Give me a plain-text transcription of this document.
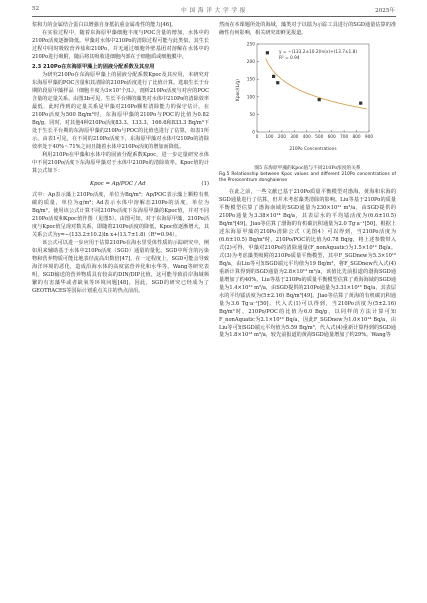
52	中 国 海 洋 大 学 学 报	2025年

浆和力的金属结合蛋白以增强自身抵抗重金属毒性的能力[46]。

在实验过程中，随着东海原甲藻细胞丰度与POC含量的增加，水体中的210Po活度逐渐降低。甲藻对水体中210Po的清除过程可能与此类似，其生长过程中同时吸收营养盐和210Po，并无通过细胞外壁基团对溶解在水体中的210Po进行吸附，随后将其吸收进细胞内部在于细胞质或细胞膜中。

2.3 210Po在东海原甲藻上的固液分配系数及其应用

为研究210Po在东海原甲藻上的固液分配系数Kpoc及其应用，本研究对东海原甲藻的POC含量和其清除的210Po活度进行了比值计算。选取生长于台期阶段原甲藻样品（细胞丰度为3×10⁷个/L），剖析210Po活度与对应的POC含量的定量关系。由图3b可见，生长平台期的藻类对水体中210Po的清除效率最低，此时得到的定量关系是甲藻对210Po颗粒清除能力的保守估计。在210Po活度为500 Bq/m³时，东海原甲藻的210Po与POC的比值为0.82 Bq/g，同时，对其他4种210Po活度83.3、133.3、166.6和833.3 Bq/m³下处于生长平台期的东海原甲藻的210Po与POC的比值也进行了估算，如表1所示。由表1可见，在不同的210Po活度下，东海原甲藻对水体中210Po的清除效率处于40%～71%之间且随着水体中210Po活度的增加而降低。

利用210Po在甲藻和水体中的固液分配系数Kpoc，进一步定量研究水体中不同210Po活度下东海原甲藻对于水体中210Po的清除效率。Kpoc值的计算公式如下：

Kpoc = Ap/POC / Ad	(1)

式中：Ap表示藻上210Po活度，单位为Bq/m³；Ap/POC表示藻上颗粒有机碳的质量，单位为g/m³；Ad表示水体中溶解态210Po的活度，单位为Bq/m³。使用该公式计算不同210Po活度下东海原甲藻的Kpoc值，并对不同210Po活度和Kpoc值作图（见图5）。由图可知，对于东海原甲藻，210Po活度与Kpoc值呈现对数关系，即随着210Po活度的降低，Kpoc值逐渐增大，其关系公式为y=−(133.2±10.2)ln x+(13.7±1.8)（R²=0.94）。

该公式可以进一步应用于估算210Po在海水里受体性质的示踪研究中，例如用来辅助基于水体中210Po活度（SGD）通量的量化。SGD中所含的污染物和营养物质可能比地表径流高出数倍[47]，在一定程度上，SGD可能会导致海洋环境的恶化，造成沿海水体的高度富营养化和水华等。Wang等研究表明，SGD输送的营养物质具有较高的DIN/DIP比值，这可能导致沿岸海域频繁的有害藻华或者缺氧等环境问题[48]。因此，SGD的研究已经成为了GEOTRACES等国际计划重点关注的热点前沿。

然而在本课题所处的海域，藻类对于以镭为示踪工具进行的SGD通量估算的准确性有何影响，相关研究却鲜见报道。

0
50
100
150
200
250
0 100 200 300 400 500 600 700 800 900
y = −(133.2±10.2)ln(x)+(13.7±1.8)
R² = 0.94
Kpoc/(L/g)
210Po Concentrations
图5 东海原甲藻的Kpoc值与不同210Po浓度的关系
Fig.5 Relationship between Kpoc values and different 210Po concentrations of the Prorocentrum donghaiense

在此之前，一些文献已基于210Po质量平衡模型对渤海、黄海和东海的SGD通量进行了估算，但并未考虑藻类清除的影响。Liu等基于210Po的质量平衡模型估算了渤海南域的SGD通量为230×10¹¹ m³/a，由SGD提供的210Po通量为3.38×10¹⁴ Bq/a，其表层水的平均镭活度为(6.6±10.5) Bq/m³[49]。Jiao等估算了渤海的有机碳沉积通量为2.0 Tg·a⁻¹[50]，根据上述东海原甲藻的210Po清除公式（见图4）可以得到，当210Po活度为(6.6±10.5) Bq/m³时，210Po/POC的比值为0.78 Bq/g，将上述参数带入式(2)可得，甲藻对210Po的清除通量(F_nonAquatic)为1.5×10¹² Bq/a。式(3)为考虑藻类吸附的210Po质量平衡模型，其中F_SGDnew为5.3×10¹³ Bq/a，由Liu等可知SGD端元平均值为19 Bq/m³，将F_SGDnew代入式(4)重新计算得到的SGD通量为2.8×10¹³ m³/a，该值比先前报道的渤海SGD通量增加了约40%。Liu等基于210Po的质量平衡模型估算了黄海海域的SGD通量为1.4×10¹² m³/a，由SGD提供的210Po通量为3.31×10¹³ Bq/a，其表层水的平均镭活度为(5±2.16) Bq/m³[49]。Jiao等估算了黄海的有机碳沉积通量为3.6 Tg·a⁻¹[50]。代入式(1)可以得到，当210Po活度为(5±2.16) Bq/m³时，210Po/POC的比值为6.0 Bq/g，以同样的方法计算可知F_nonAquatic为2.1×10¹³ Bq/a，因此F_SGDnew为1.0×10¹⁴ Bq/a，由Liu等可知SGD端元平均值为5.59 Bq/m³，代入式(4)重新计算得到的SGD通量为1.8×10¹³ m³/a，较先前报道的黄海SGD通量增加了约29%。Wang等
